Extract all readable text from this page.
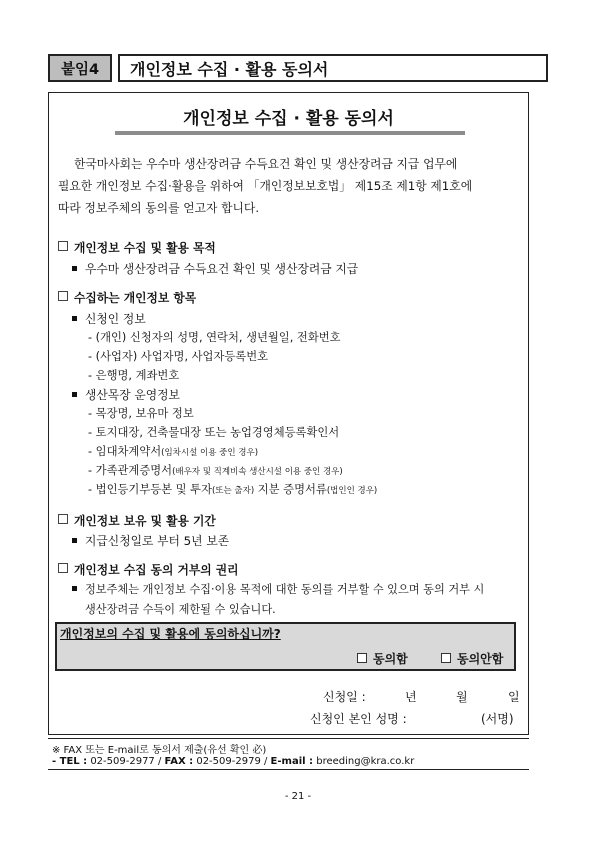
붙임4	개인정보 수집 · 활용 동의서
개인정보 수집 · 활용 동의서
한국마사회는 우수마 생산장려금 수득요건 확인 및 생산장려금 지급 업무에
필요한 개인정보 수집·활용을 위하여 「개인정보보호법」 제15조 제1항 제1호에
따라 정보주체의 동의를 얻고자 합니다.
개인정보 수집 및 활용 목적
우수마 생산장려금 수득요건 확인 및 생산장려금 지급
수집하는 개인정보 항목
신청인 정보
- (개인) 신청자의 성명, 연락처, 생년월일, 전화번호
- (사업자) 사업자명, 사업자등록번호
- 은행명, 계좌번호
생산목장 운영정보
- 목장명, 보유마 정보
- 토지대장, 건축물대장 또는 농업경영체등록확인서
- 임대차계약서(임차시설 이용 중인 경우)
- 가족관계증명서(배우자 및 직계비속 생산시설 이용 중인 경우)
- 법인등기부등본 및 투자(또는 출자) 지분 증명서류(법인인 경우)
개인정보 보유 및 활용 기간
지급신청일로 부터 5년 보존
개인정보 수집 동의 거부의 권리
정보주체는 개인정보 수집·이용 목적에 대한 동의를 거부할 수 있으며 동의 거부 시
생산장려금 수득이 제한될 수 있습니다.
개인정보의 수집 및 활용에 동의하십니까?
동의함	동의안함
신청일 :	년	월	일
신청인 본인 성명 :	(서명)
※ FAX 또는 E-mail로 동의서 제출(유선 확인 必)
- TEL : 02-509-2977 / FAX : 02-509-2979 / E-mail : breeding@kra.co.kr
- 21 -
